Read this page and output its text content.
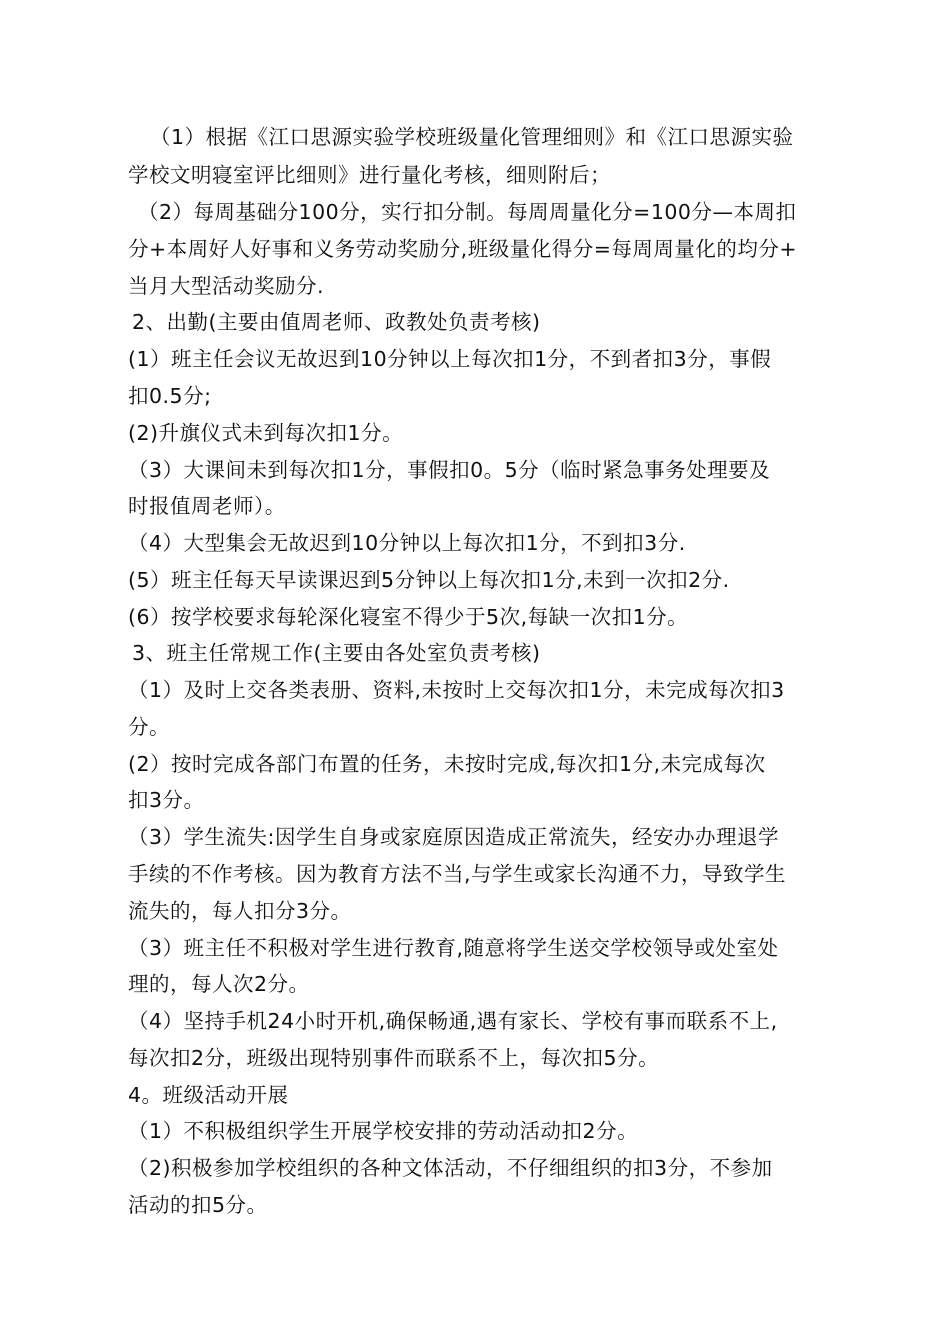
（1）根据《江口思源实验学校班级量化管理细则》和《江口思源实验
学校文明寝室评比细则》进行量化考核，细则附后；
（2）每周基础分100分，实行扣分制。每周周量化分=100分—本周扣
分+本周好人好事和义务劳动奖励分,班级量化得分=每周周量化的均分+
当月大型活动奖励分.
2、出勤(主要由值周老师、政教处负责考核)
(1）班主任会议无故迟到10分钟以上每次扣1分，不到者扣3分，事假
扣0.5分;
(2)升旗仪式未到每次扣1分。
（3）大课间未到每次扣1分，事假扣0。5分（临时紧急事务处理要及
时报值周老师）。
（4）大型集会无故迟到10分钟以上每次扣1分，不到扣3分.
(5）班主任每天早读课迟到5分钟以上每次扣1分,未到一次扣2分.
(6）按学校要求每轮深化寝室不得少于5次,每缺一次扣1分。
3、班主任常规工作(主要由各处室负责考核)
（1）及时上交各类表册、资料,未按时上交每次扣1分，未完成每次扣3
分。
(2）按时完成各部门布置的任务，未按时完成,每次扣1分,未完成每次
扣3分。
（3）学生流失:因学生自身或家庭原因造成正常流失，经安办办理退学
手续的不作考核。因为教育方法不当,与学生或家长沟通不力，导致学生
流失的，每人扣分3分。
（3）班主任不积极对学生进行教育,随意将学生送交学校领导或处室处
理的，每人次2分。
（4）坚持手机24小时开机,确保畅通,遇有家长、学校有事而联系不上,
每次扣2分，班级出现特别事件而联系不上，每次扣5分。
4。班级活动开展
（1）不积极组织学生开展学校安排的劳动活动扣2分。
（2)积极参加学校组织的各种文体活动，不仔细组织的扣3分，不参加
活动的扣5分。
